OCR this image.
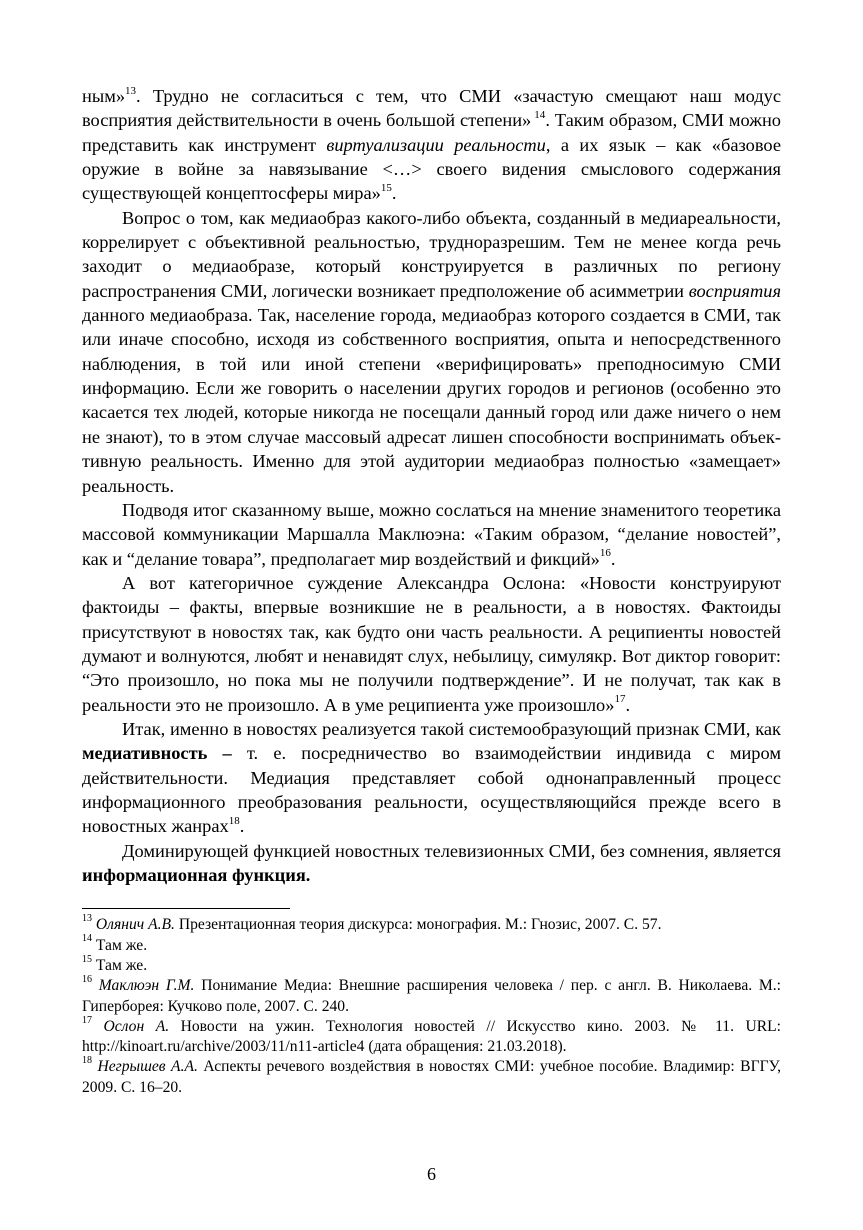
ным»$^{13}$. Трудно не согласиться с тем, что СМИ «зачастую смещают наш модус восприятия действительности в очень большой степени» $^{14}$. Таким образом, СМИ можно представить как инструмент виртуализации реальности, а их язык – как «базовое оружие в войне за навязывание <…> своего видения смыслового содержания существующей концептосферы мира»$^{15}$.

Вопрос о том, как медиаобраз какого-либо объекта, созданный в медиареальности, коррелирует с объективной реальностью, трудноразрешим. Тем не менее когда речь заходит о медиаобразе, который конструируется в различных по региону распространения СМИ, логически возникает предположение об асимметрии восприятия данного медиаобраза. Так, население города, медиаобраз которого создается в СМИ, так или иначе способно, исходя из собственного восприятия, опыта и непосредственного наблюдения, в той или иной степени «верифицировать» преподносимую СМИ информацию. Если же говорить о населении других городов и регионов (особенно это касается тех людей, которые никогда не посещали данный город или даже ничего о нем не знают), то в этом случае массовый адресат лишен способности воспринимать объективную реальность. Именно для этой аудитории медиаобраз полностью «замещает» реальность.

Подводя итог сказанному выше, можно сослаться на мнение знаменитого теоретика массовой коммуникации Маршалла Маклюэна: «Таким образом, “делание новостей”, как и “делание товара”, предполагает мир воздействий и фикций»$^{16}$.

А вот категоричное суждение Александра Ослона: «Новости конструируют фактоиды – факты, впервые возникшие не в реальности, а в новостях. Фактоиды присутствуют в новостях так, как будто они часть реальности. А реципиенты новостей думают и волнуются, любят и ненавидят слух, небылицу, симулякр. Вот диктор говорит: “Это произошло, но пока мы не получили подтверждение”. И не получат, так как в реальности это не произошло. А в уме реципиента уже произошло»$^{17}$.

Итак, именно в новостях реализуется такой системообразующий признак СМИ, как медиативность – т. е. посредничество во взаимодействии индивида с миром действительности. Медиация представляет собой однонаправленный процесс информационного преобразования реальности, осуществляющийся прежде всего в новостных жанрах$^{18}$.

Доминирующей функцией новостных телевизионных СМИ, без сомнения, является информационная функция.

$^{13}$ Олянич А.В. Презентационная теория дискурса: монография. М.: Гнозис, 2007. С. 57.

$^{14}$ Там же.

$^{15}$ Там же.

$^{16}$ Маклюэн Г.М. Понимание Медиа: Внешние расширения человека / пер. с англ. В. Николаева. М.: Гиперборея: Кучково поле, 2007. С. 240.

$^{17}$ Ослон А. Новости на ужин. Технология новостей // Искусство кино. 2003. № 11. URL: http://kinoart.ru/archive/2003/11/n11-article4 (дата обращения: 21.03.2018).

$^{18}$ Негрышев А.А. Аспекты речевого воздействия в новостях СМИ: учебное пособие. Владимир: ВГГУ, 2009. С. 16–20.

6
